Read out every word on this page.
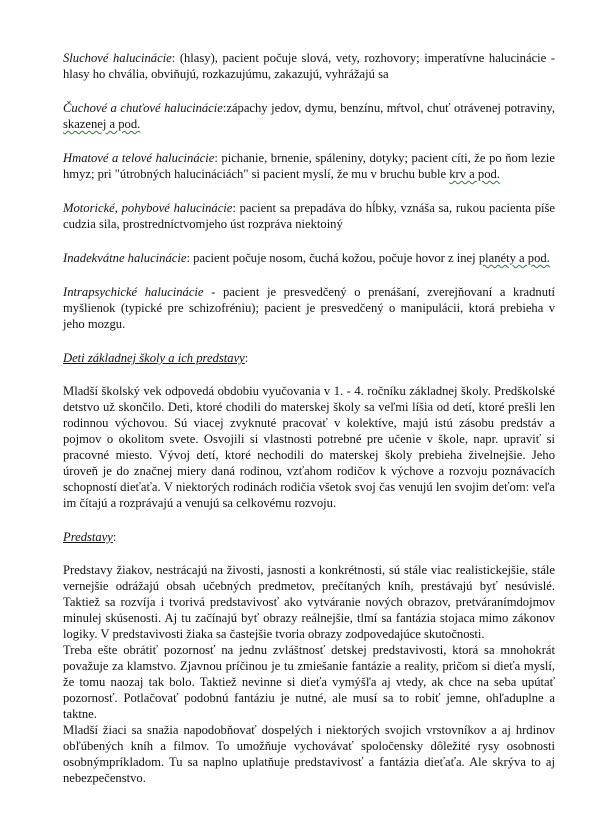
Sluchové halucinácie: (hlasy), pacient počuje slová, vety, rozhovory; imperatívne halucinácie - hlasy ho chvália, obviňujú, rozkazujúmu, zakazujú, vyhrážajú sa

Čuchové a chuťové halucinácie:zápachy jedov, dymu, benzínu, mŕtvol, chuť otrávenej potraviny, skazenej a pod.

Hmatové a telové halucinácie: pichanie, brnenie, spáleniny, dotyky; pacient cíti, že po ňom lezie hmyz; pri "útrobných halucináciách" si pacient myslí, že mu v bruchu buble krv a pod.

Motorické, pohybové halucinácie: pacient sa prepadáva do hĺbky, vznáša sa, rukou pacienta píše cudzia sila, prostredníctvomjeho úst rozpráva niektoiný

Inadekvátne halucinácie: pacient počuje nosom, čuchá kožou, počuje hovor z inej planéty a pod.

Intrapsychické halucinácie - pacient je presvedčený o prenášaní, zverejňovaní a kradnutí myšlienok (typické pre schizofréniu); pacient je presvedčený o manipulácii, ktorá prebieha v jeho mozgu.

Deti základnej školy a ich predstavy:

Mladší školský vek odpovedá obdobiu vyučovania v 1. - 4. ročníku základnej školy. Predškolské detstvo už skončilo. Deti, ktoré chodili do materskej školy sa veľmi líšia od detí, ktoré prešli len rodinnou výchovou. Sú viacej zvyknuté pracovať v kolektíve, majú istú zásobu predstáv a pojmov o okolitom svete. Osvojili si vlastnosti potrebné pre učenie v škole, napr. upraviť si pracovné miesto. Vývoj detí, ktoré nechodili do materskej školy prebieha živelnejšie. Jeho úroveň je do značnej miery daná rodinou, vzťahom rodičov k výchove a rozvoju poznávacích schopností dieťaťa. V niektorých rodinách rodičia všetok svoj čas venujú len svojim deťom: veľa im čítajú a rozprávajú a venujú sa celkovému rozvoju.

Predstavy:

Predstavy žiakov, nestrácajú na živosti, jasnosti a konkrétnosti, sú stále viac realistickejšie, stále vernejšie odrážajú obsah učebných predmetov, prečítaných kníh, prestávajú byť nesúvislé. Taktiež sa rozvíja i tvorivá predstavivosť ako vytváranie nových obrazov, pretváranímdojmov minulej skúsenosti. Aj tu začínajú byť obrazy reálnejšie, tlmí sa fantázia stojaca mimo zákonov logiky. V predstavivosti žiaka sa častejšie tvoria obrazy zodpovedajúce skutočnosti.

Treba ešte obrátiť pozornosť na jednu zvláštnosť detskej predstavivosti, ktorá sa mnohokrát považuje za klamstvo. Zjavnou príčinou je tu zmiešanie fantázie a reality, pričom si dieťa myslí, že tomu naozaj tak bolo. Taktiež nevinne si dieťa vymýšľa aj vtedy, ak chce na seba upútať pozornosť. Potlačovať podobnú fantáziu je nutné, ale musí sa to robiť jemne, ohľaduplne a taktne.

Mladší žiaci sa snažia napodobňovať dospelých i niektorých svojich vrstovníkov a aj hrdinov obľúbených kníh a filmov. To umožňuje vychovávať spoločensky dôležité rysy osobnosti osobnýmpríkladom. Tu sa naplno uplatňuje predstavivosť a fantázia dieťaťa. Ale skrýva to aj nebezpečenstvo.
